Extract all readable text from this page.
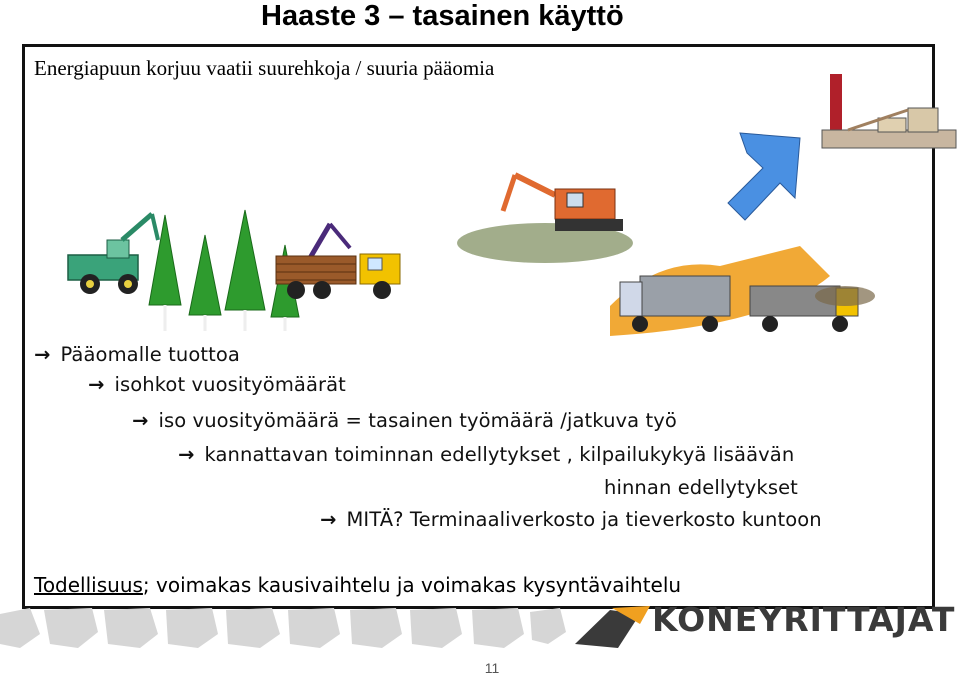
Haaste 3 – tasainen käyttö
Energiapuun korjuu vaatii suurehkoja / suuria pääomia
→ Pääomalle tuottoa
→ isohkot vuosityömäärät
→ iso vuosityömäärä = tasainen työmäärä /jatkuva työ
→ kannattavan toiminnan edellytykset , kilpailukykyä lisäävän
hinnan edellytykset
→ MITÄ? Terminaaliverkosto ja tieverkosto kuntoon
Todellisuus; voimakas kausivaihtelu ja voimakas kysyntävaihtelu
KONEYRITTAJAT
11
